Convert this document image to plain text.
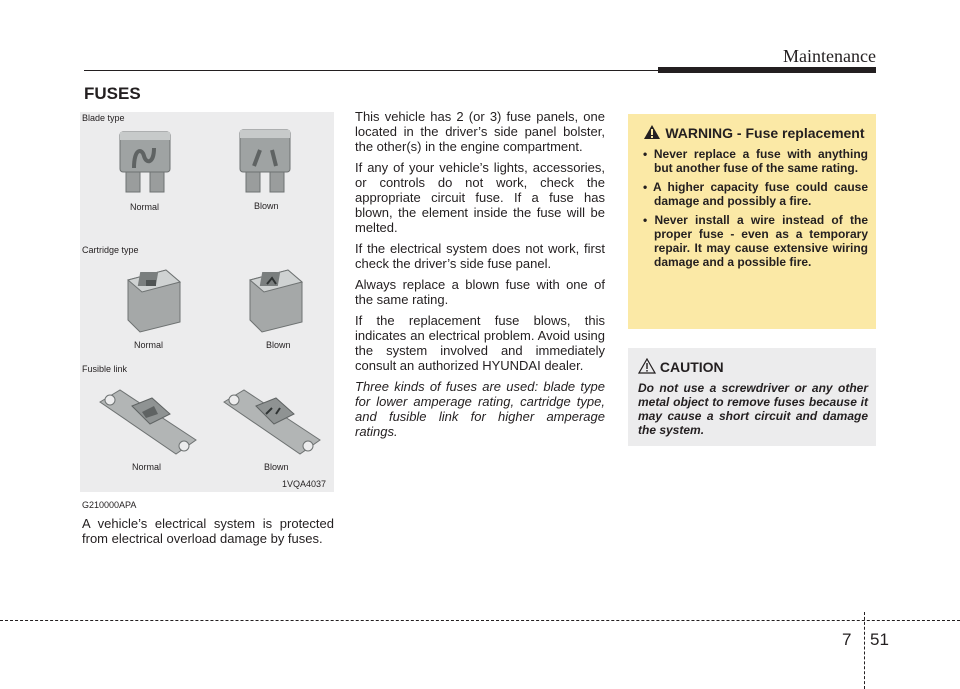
Maintenance
FUSES
Blade type
Normal	Blown
Cartridge type
Normal	Blown
Fusible link
Normal	Blown
1VQA4037
G210000APA
A vehicle’s electrical system is protected from electrical overload damage by fuses.

This vehicle has 2 (or 3) fuse panels, one located in the driver’s side panel bolster, the other(s) in the engine compartment.

If any of your vehicle’s lights, accessories, or controls do not work, check the appropriate circuit fuse. If a fuse has blown, the element inside the fuse will be melted.

If the electrical system does not work, first check the driver’s side fuse panel.

Always replace a blown fuse with one of the same rating.

If the replacement fuse blows, this indicates an electrical problem. Avoid using the system involved and immediately consult an authorized HYUNDAI dealer.

Three kinds of fuses are used: blade type for lower amperage rating, cartridge type, and fusible link for higher amperage ratings.

WARNING - Fuse replacement
• Never replace a fuse with anything but another fuse of the same rating.
• A higher capacity fuse could cause damage and possibly a fire.
• Never install a wire instead of the proper fuse - even as a temporary repair. It may cause extensive wiring damage and a possible fire.
CAUTION
Do not use a screwdriver or any other metal object to remove fuses because it may cause a short circuit and damage the system.
7 51
